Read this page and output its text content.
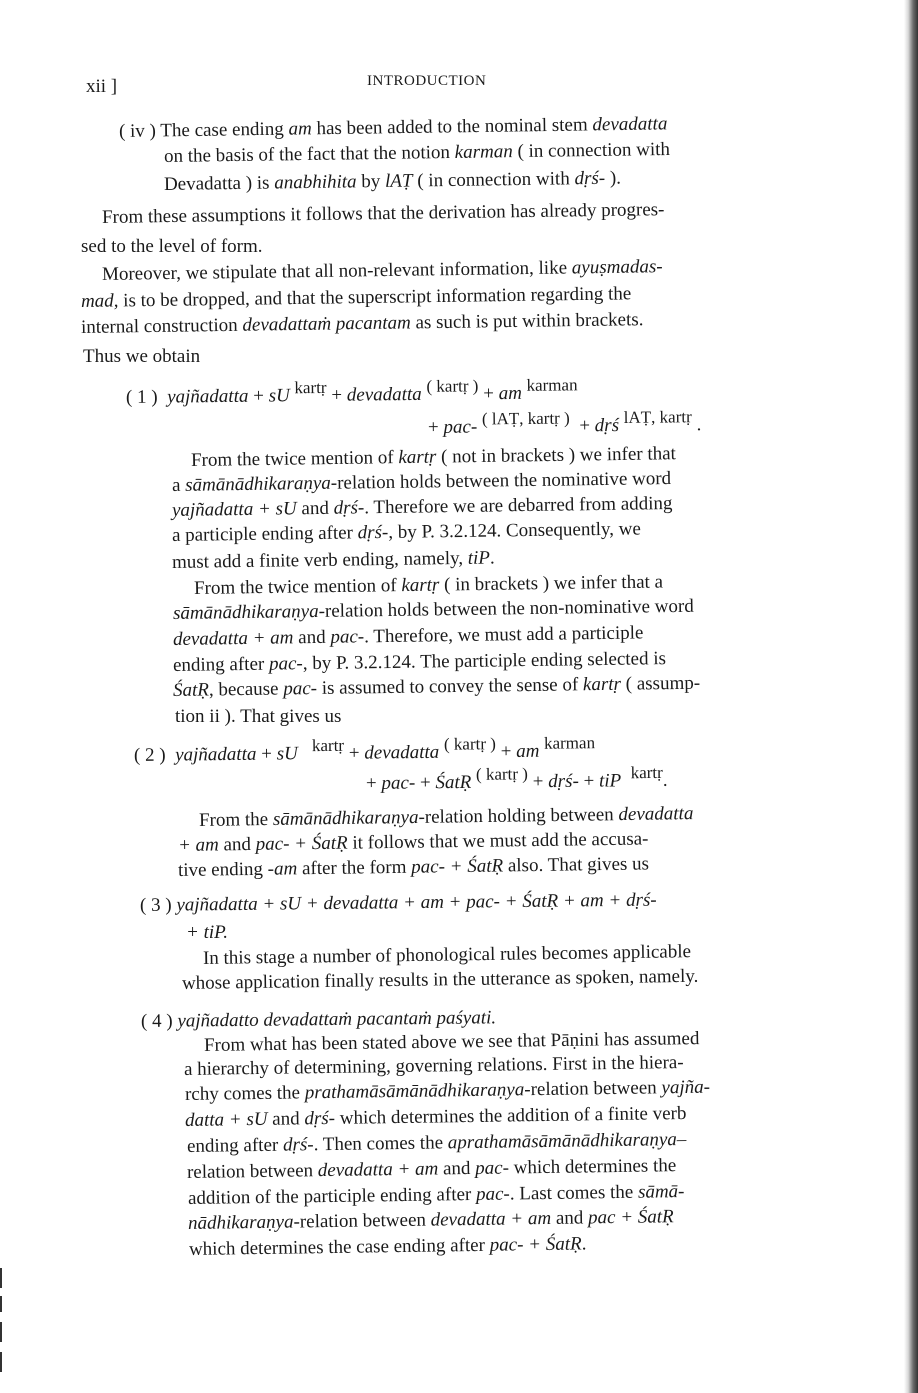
xii ]	INTRODUCTION
( iv ) The case ending am has been added to the nominal stem devadatta
on the basis of the fact that the notion karman ( in connection with
Devadatta ) is anabhihita by lAṬ ( in connection with dṛś- ).
From these assumptions it follows that the derivation has already progres-
sed to the level of form.
Moreover, we stipulate that all non-relevant information, like ayuṣmadas-
mad, is to be dropped, and that the superscript information regarding the
internal construction devadattaṁ pacantam as such is put within brackets.
Thus we obtain
( 1 ) yajñadatta + sU $^{kartṛ}$ + devadatta $^{( kartṛ )}$ + am $^{karman}$
+ pac- $^{( lAṬ, kartṛ )}$  + dṛś $^{lAṬ, kartṛ}$ .
From the twice mention of kartṛ ( not in brackets ) we infer that
a sāmānādhikaraṇya-relation holds between the nominative word
yajñadatta + sU and dṛś-. Therefore we are debarred from adding
a participle ending after dṛś-, by P. 3.2.124. Consequently, we
must add a finite verb ending, namely, tiP.
From the twice mention of kartṛ ( in brackets ) we infer that a
sāmānādhikaraṇya-relation holds between the non-nominative word
devadatta + am and pac-. Therefore, we must add a participle
ending after pac-, by P. 3.2.124. The participle ending selected is
ŚatṚ, because pac- is assumed to convey the sense of kartṛ ( assump-
tion ii ). That gives us
( 2 ) yajñadatta + sU $^{kartṛ}$ + devadatta $^{( kartṛ )}$ + am $^{karman}$
+ pac- + ŚatṚ $^{( kartṛ )}$ + dṛś- + tiP $^{kartṛ}$.
From the sāmānādhikaraṇya-relation holding between devadatta
+ am and pac- + ŚatṚ it follows that we must add the accusa-
tive ending -am after the form pac- + ŚatṚ also. That gives us
( 3 ) yajñadatta + sU + devadatta + am + pac- + ŚatṚ + am + dṛś-
+ tiP.
In this stage a number of phonological rules becomes applicable
whose application finally results in the utterance as spoken, namely.
( 4 ) yajñadatto devadattaṁ pacantaṁ paśyati.
From what has been stated above we see that Pāṇini has assumed
a hierarchy of determining, governing relations. First in the hiera-
rchy comes the prathamāsāmānādhikaraṇya-relation between yajña-
datta + sU and dṛś- which determines the addition of a finite verb
ending after dṛś-. Then comes the aprathamāsāmānādhikaraṇya–
relation between devadatta + am and pac- which determines the
addition of the participle ending after pac-. Last comes the sāmā-
nādhikaraṇya-relation between devadatta + am and pac + ŚatṚ
which determines the case ending after pac- + ŚatṚ.
